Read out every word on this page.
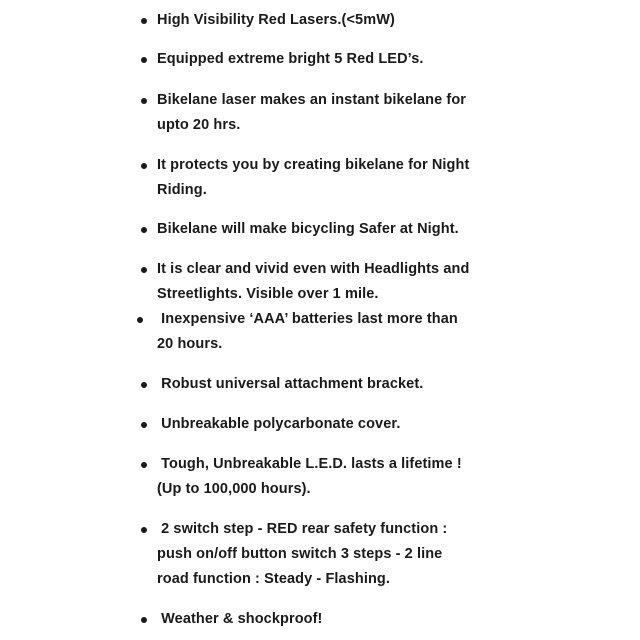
High Visibility Red Lasers.(<5mW)
Equipped extreme bright 5 Red LED’s.
Bikelane laser makes an instant bikelane for
upto 20 hrs.
It protects you by creating bikelane for Night
Riding.
Bikelane will make bicycling Safer at Night.
It is clear and vivid even with Headlights and
Streetlights. Visible over 1 mile.
Inexpensive ‘AAA’ batteries last more than
20 hours.
Robust universal attachment bracket.
Unbreakable polycarbonate cover.
Tough, Unbreakable L.E.D. lasts a lifetime !
(Up to 100,000 hours).
2 switch step - RED rear safety function :
push on/off button switch 3 steps - 2 line
road function : Steady - Flashing.
Weather & shockproof!
